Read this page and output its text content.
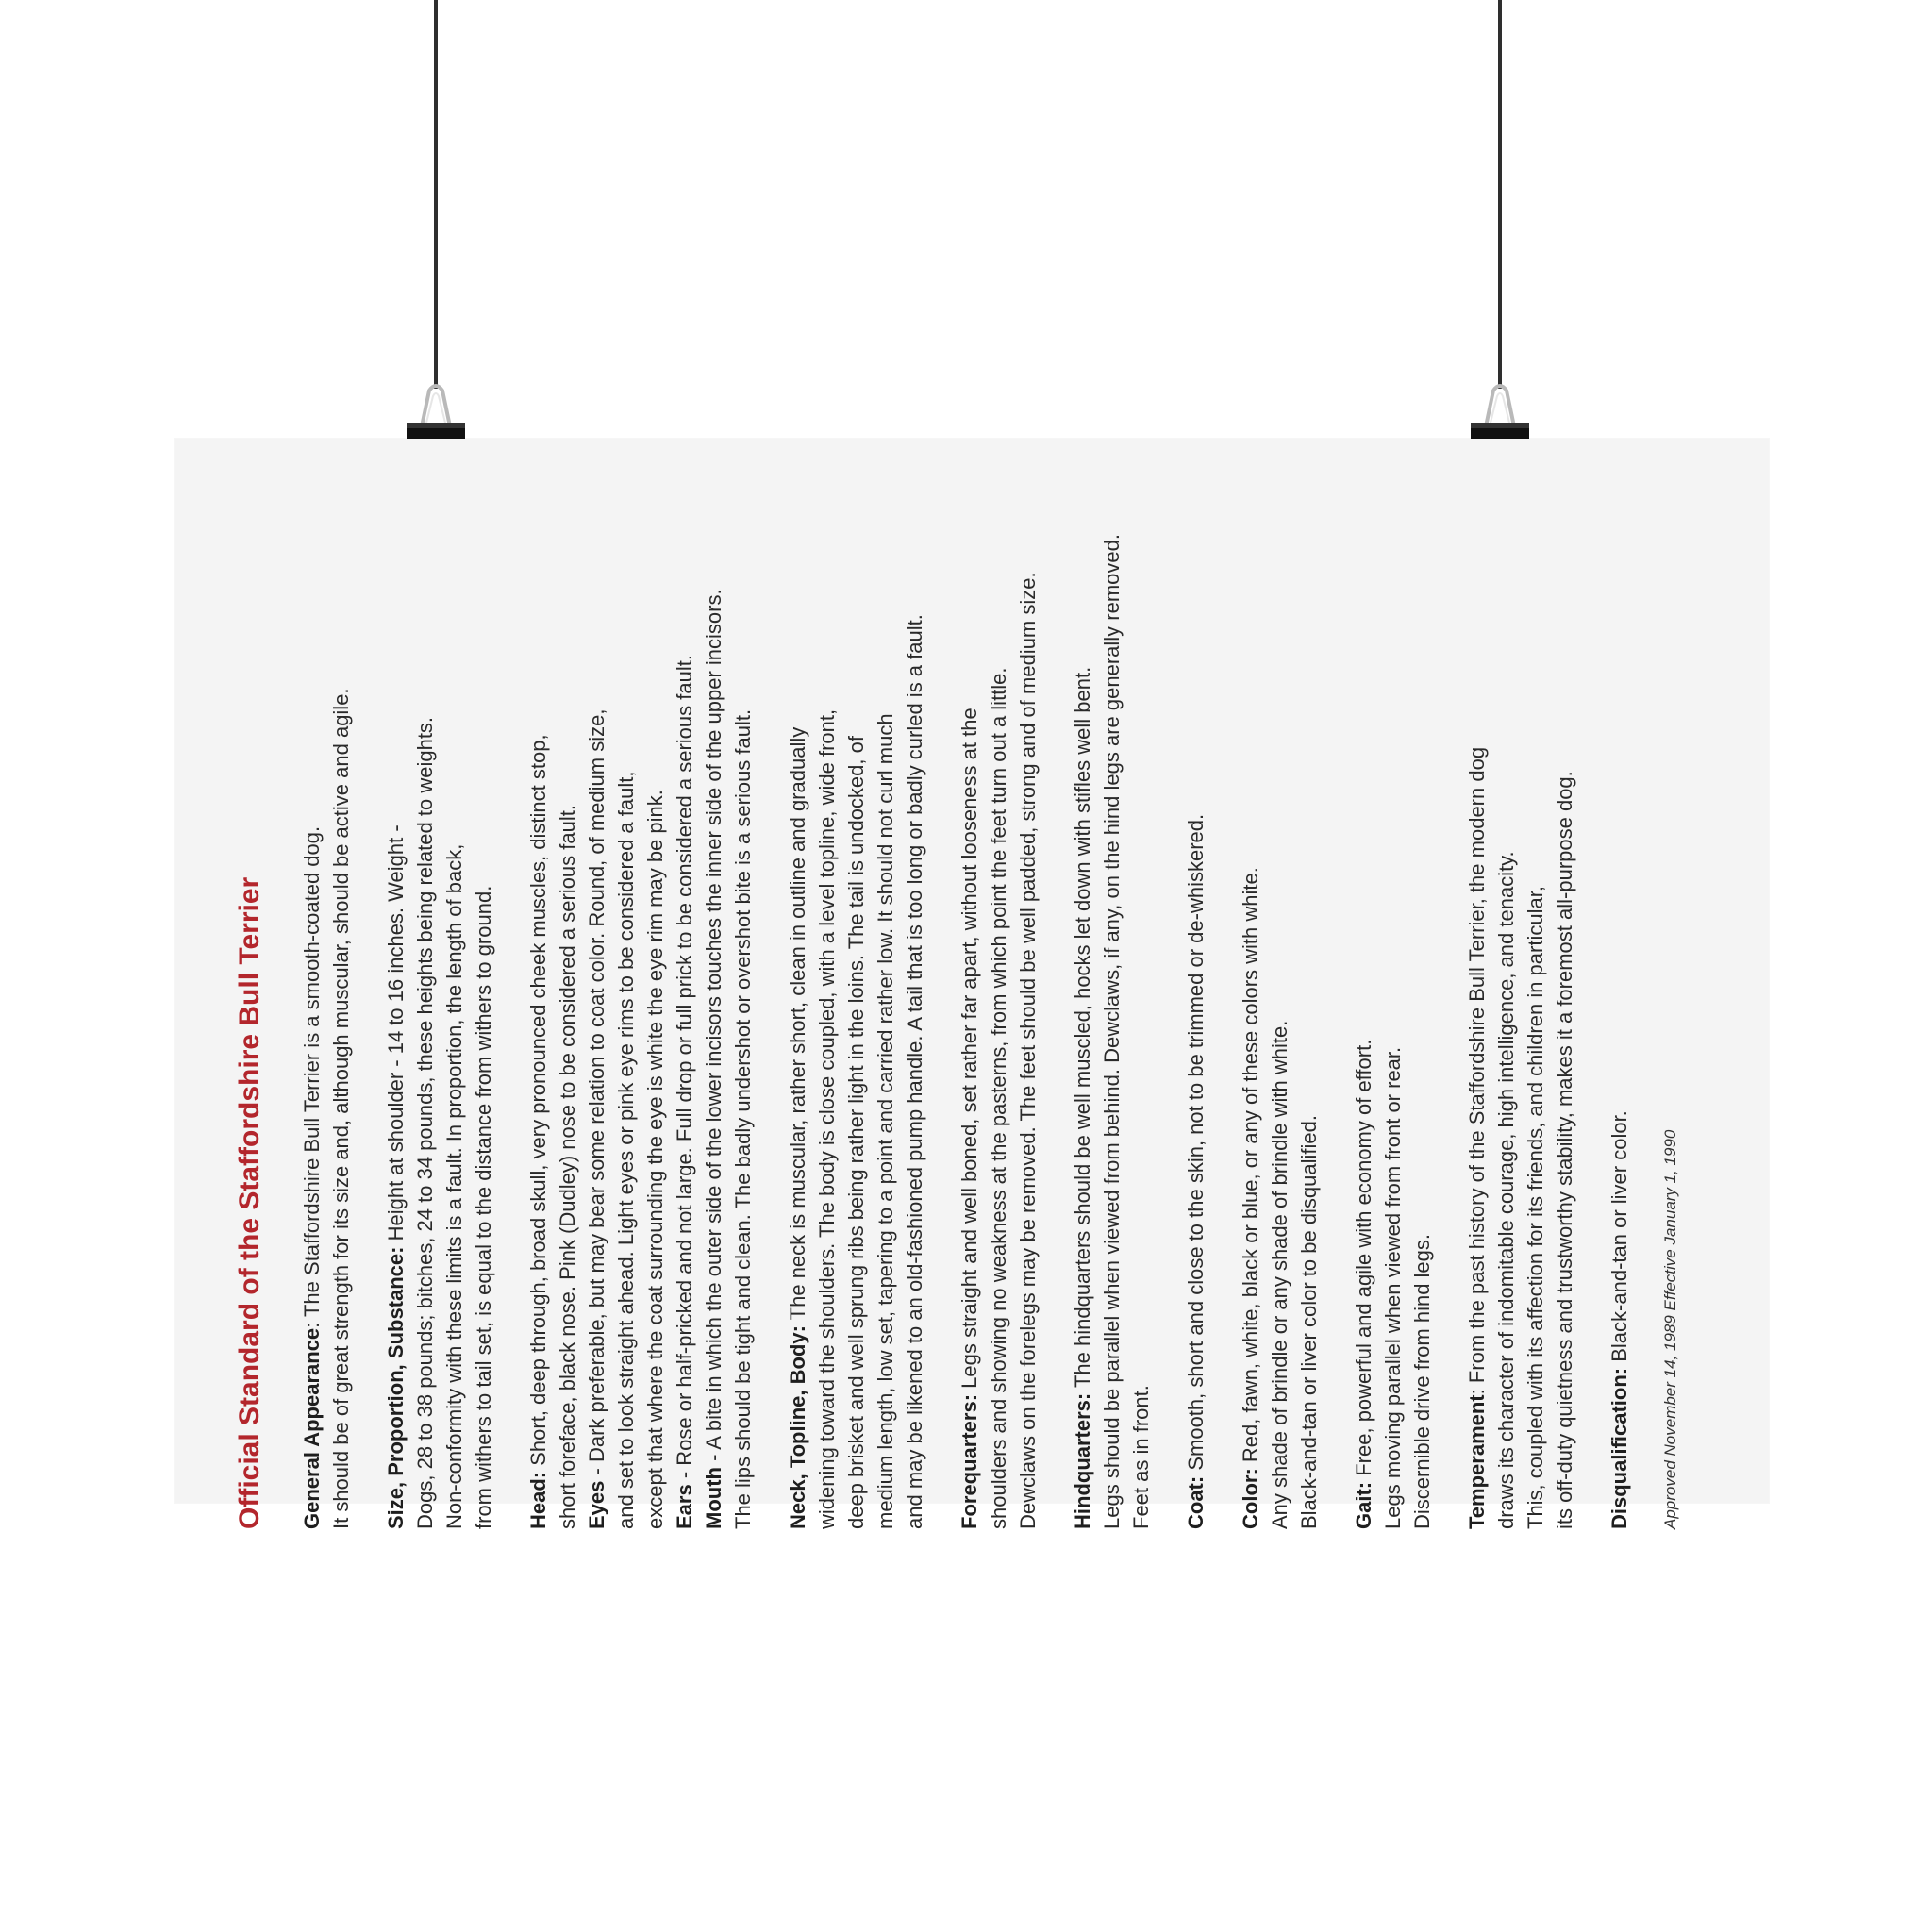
Official Standard of the Staffordshire Bull Terrier General Appearance: The Staffordshire Bull Terrier is a smooth-coated dog. It should be of great strength for its size and, although muscular, should be active and agile. Size, Proportion, Substance: Height at shoulder - 14 to 16 inches. Weight - Dogs, 28 to 38 pounds; bitches, 24 to 34 pounds, these heights being related to weights. Non-conformity with these limits is a fault. In proportion, the length of back, from withers to tail set, is equal to the distance from withers to ground. Head: Short, deep through, broad skull, very pronounced cheek muscles, distinct stop, short foreface, black nose. Pink (Dudley) nose to be considered a serious fault. Eyes - Dark preferable, but may bear some relation to coat color. Round, of medium size, and set to look straight ahead. Light eyes or pink eye rims to be considered a fault, except that where the coat surrounding the eye is white the eye rim may be pink. Ears - Rose or half-pricked and not large. Full drop or full prick to be considered a serious fault.
Mouth - A bite in which the outer side of the lower incisors touches the inner side of the upper incisors. The lips should be tight and clean. The badly undershot or overshot bite is a serious fault. Neck, Topline, Body: The neck is muscular, rather short, clean in outline and gradually widening toward the shoulders. The body is close coupled, with a level topline, wide front, deep brisket and well sprung ribs being rather light in the loins. The tail is undocked, of medium length, low set, tapering to a point and carried rather low. It should not curl much and may be likened to an old-fashioned pump handle. A tail that is too long or badly curled is a fault. Forequarters: Legs straight and well boned, set rather far apart, without looseness at the shoulders and showing no weakness at the pasterns, from which point the feet turn out a little. Dewclaws on the forelegs may be removed. The feet should be well padded, strong and of medium size. Hindquarters: The hindquarters should be well muscled, hocks let down with stifles well bent. Legs should be parallel when viewed from behind. Dewclaws, if any, on the hind legs are generally removed. Feet as in front. Coat: Smooth, short and close to the skin, not to be trimmed or de-whiskered.
Color: Red, fawn, white, black or blue, or any of these colors with white. Any shade of brindle or any shade of brindle with white. Black-and-tan or liver color to be disqualified. Gait: Free, powerful and agile with economy of effort. Legs moving parallel when viewed from front or rear. Discernible drive from hind legs. Temperament: From the past history of the Staffordshire Bull Terrier, the modern dog draws its character of indomitable courage, high intelligence, and tenacity. This, coupled with its affection for its friends, and children in particular, its off-duty quietness and trustworthy stability, makes it a foremost all-purpose dog. Disqualification: Black-and-tan or liver color. Approved November 14, 1989 Effective January 1, 1990
